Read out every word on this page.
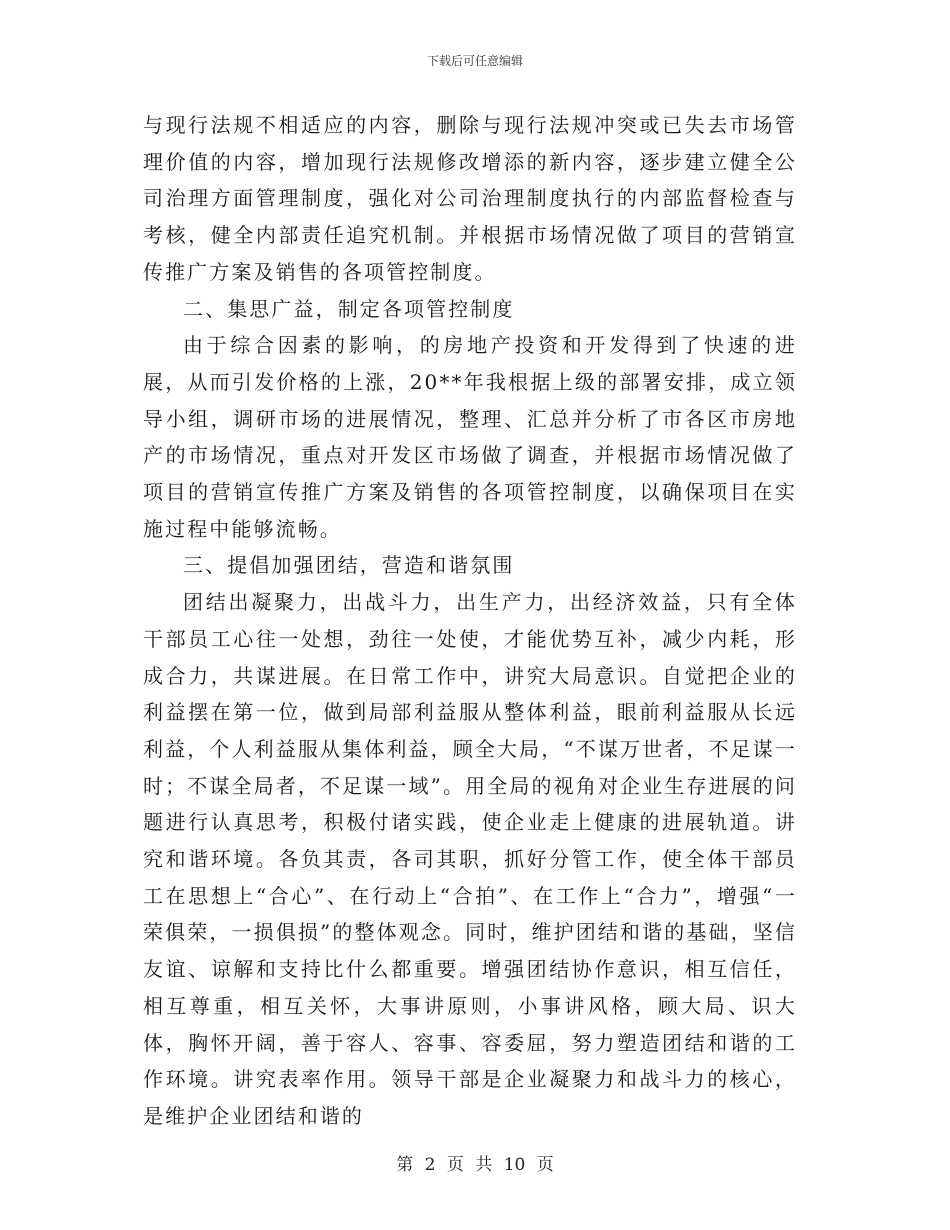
下载后可任意编辑

与现行法规不相适应的内容，删除与现行法规冲突或已失去市场管理价值的内容，增加现行法规修改增添的新内容，逐步建立健全公司治理方面管理制度，强化对公司治理制度执行的内部监督检查与考核，健全内部责任追究机制。并根据市场情况做了项目的营销宣传推广方案及销售的各项管控制度。

二、集思广益，制定各项管控制度

由于综合因素的影响，的房地产投资和开发得到了快速的进展，从而引发价格的上涨，20**年我根据上级的部署安排，成立领导小组，调研市场的进展情况，整理、汇总并分析了市各区市房地产的市场情况，重点对开发区市场做了调查，并根据市场情况做了项目的营销宣传推广方案及销售的各项管控制度，以确保项目在实施过程中能够流畅。

三、提倡加强团结，营造和谐氛围

团结出凝聚力，出战斗力，出生产力，出经济效益，只有全体干部员工心往一处想，劲往一处使，才能优势互补，减少内耗，形成合力，共谋进展。在日常工作中，讲究大局意识。自觉把企业的利益摆在第一位，做到局部利益服从整体利益，眼前利益服从长远利益，个人利益服从集体利益，顾全大局，“不谋万世者，不足谋一时；不谋全局者，不足谋一域”。用全局的视角对企业生存进展的问题进行认真思考，积极付诸实践，使企业走上健康的进展轨道。讲究和谐环境。各负其责，各司其职，抓好分管工作，使全体干部员工在思想上“合心”、在行动上“合拍”、在工作上“合力”，增强“一荣俱荣，一损俱损”的整体观念。同时，维护团结和谐的基础，坚信友谊、谅解和支持比什么都重要。增强团结协作意识，相互信任，相互尊重，相互关怀，大事讲原则，小事讲风格，顾大局、识大体，胸怀开阔，善于容人、容事、容委屈，努力塑造团结和谐的工作环境。讲究表率作用。领导干部是企业凝聚力和战斗力的核心，是维护企业团结和谐的

第 2 页 共 10 页
